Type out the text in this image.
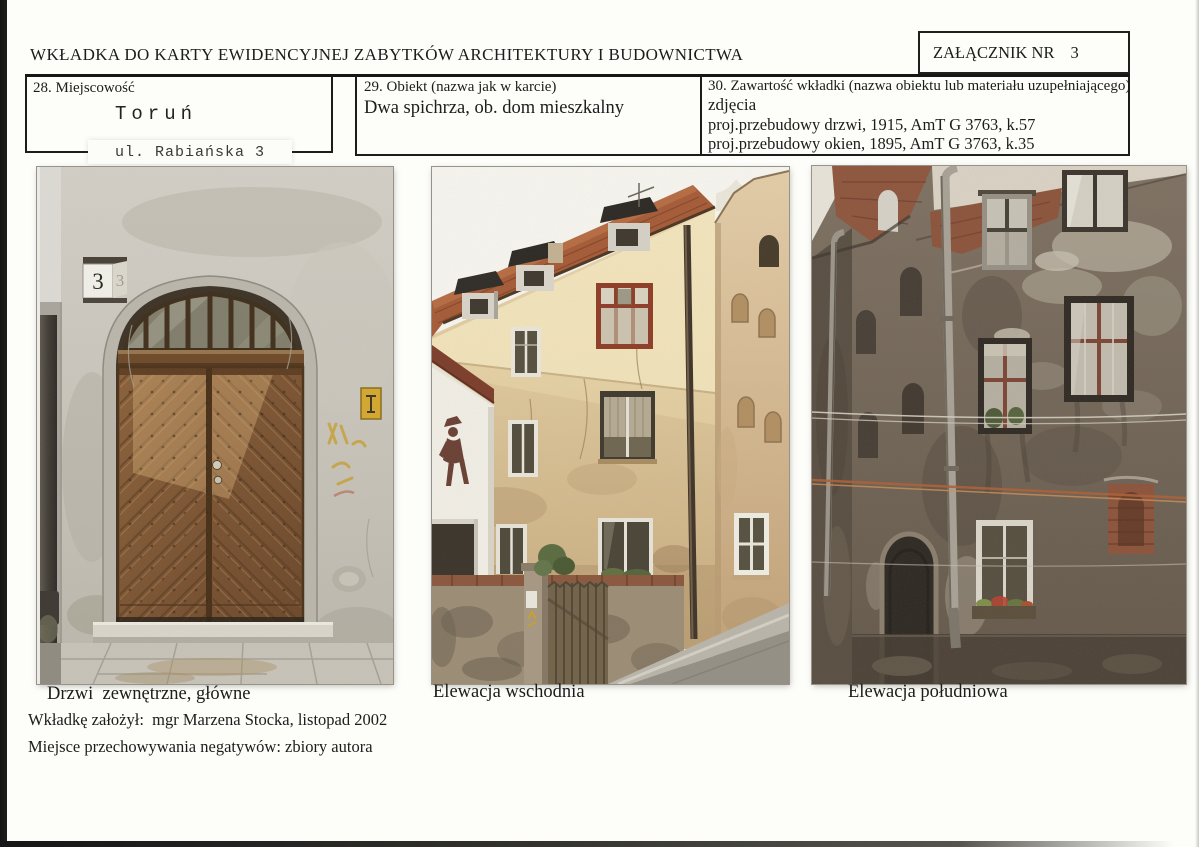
WKŁADKA DO KARTY EWIDENCYJNEJ ZABYTKÓW ARCHITEKTURY I BUDOWNICTWA	ZAŁĄCZNIK NR 3
28. Miejscowość
Toruń
ul. Rabiańska 3
29. Obiekt (nazwa jak w karcie)
Dwa spichrza, ob. dom mieszkalny
30. Zawartość wkładki (nazwa obiektu lub materiału uzupełniającego)
zdjęcia
proj.przebudowy drzwi, 1915, AmT G 3763, k.57
proj.przebudowy okien, 1895, AmT G 3763, k.35
Drzwi  zewnętrzne, główne	Elewacja wschodnia	Elewacja południowa
Wkładkę założył:  mgr Marzena Stocka, listopad 2002
Miejsce przechowywania negatywów: zbiory autora
